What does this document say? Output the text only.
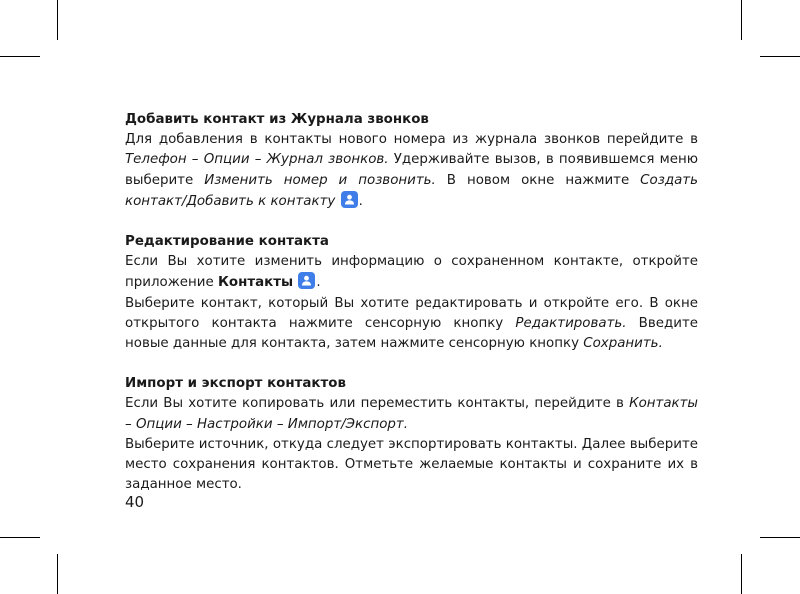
Добавить контакт из Журнала звонков

Для добавления в контакты нового номера из журнала звонков перейдите в Телефон – Опции – Журнал звонков. Удерживайте вызов, в появившемся меню выберите Изменить номер и позвонить. В новом окне нажмите Создать контакт/Добавить к контакту .

Редактирование контакта

Если Вы хотите изменить информацию о сохраненном контакте, откройте приложение Контакты .

Выберите контакт, который Вы хотите редактировать и откройте его. В окне открытого контакта нажмите сенсорную кнопку Редактировать. Введите новые данные для контакта, затем нажмите сенсорную кнопку Сохранить.

Импорт и экспорт контактов

Если Вы хотите копировать или переместить контакты, перейдите в Контакты – Опции – Настройки – Импорт/Экспорт.

Выберите источник, откуда следует экспортировать контакты. Далее выберите место сохранения контактов. Отметьте желаемые контакты и сохраните их в заданное место.

40
